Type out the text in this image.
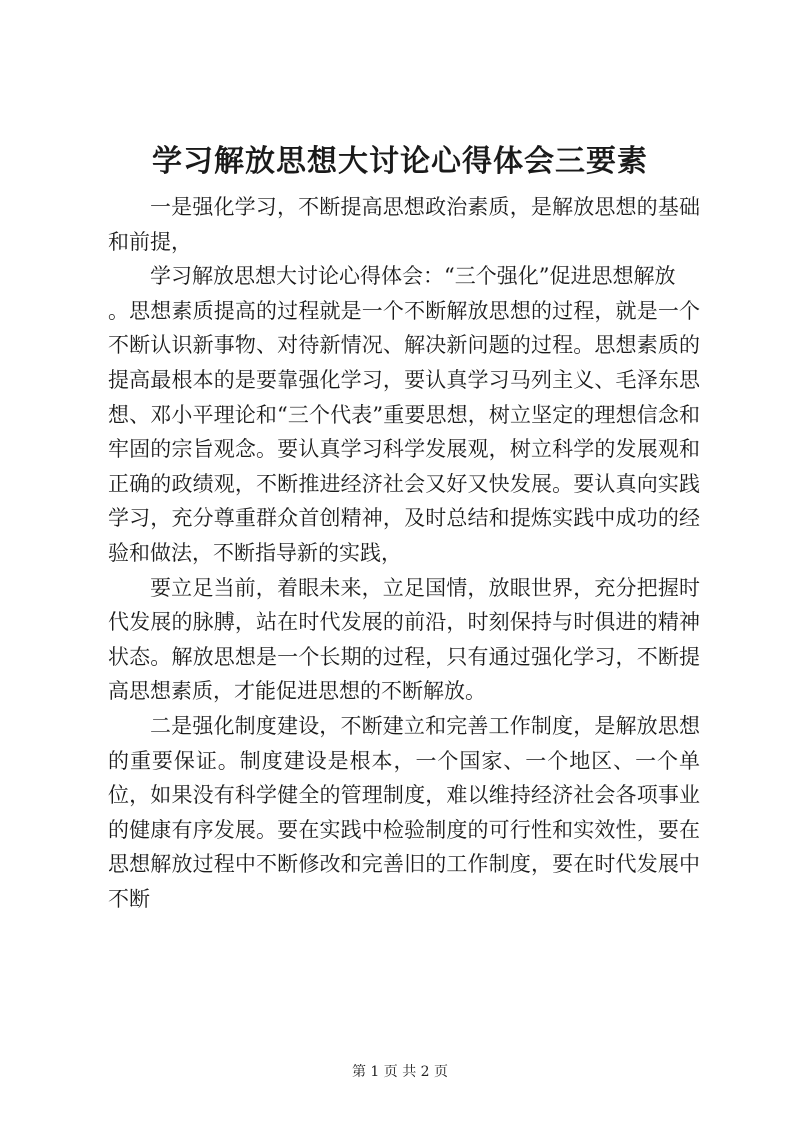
学习解放思想大讨论心得体会三要素

一是强化学习，不断提高思想政治素质，是解放思想的基础和前提，

学习解放思想大讨论心得体会：“三个强化”促进思想解放

。思想素质提高的过程就是一个不断解放思想的过程，就是一个不断认识新事物、对待新情况、解决新问题的过程。思想素质的提高最根本的是要靠强化学习，要认真学习马列主义、毛泽东思想、邓小平理论和“三个代表”重要思想，树立坚定的理想信念和牢固的宗旨观念。要认真学习科学发展观，树立科学的发展观和正确的政绩观，不断推进经济社会又好又快发展。要认真向实践学习，充分尊重群众首创精神，及时总结和提炼实践中成功的经验和做法，不断指导新的实践，

要立足当前，着眼未来，立足国情，放眼世界，充分把握时代发展的脉膊，站在时代发展的前沿，时刻保持与时俱进的精神状态。解放思想是一个长期的过程，只有通过强化学习，不断提高思想素质，才能促进思想的不断解放。

二是强化制度建设，不断建立和完善工作制度，是解放思想的重要保证。制度建设是根本，一个国家、一个地区、一个单位，如果没有科学健全的管理制度，难以维持经济社会各项事业的健康有序发展。要在实践中检验制度的可行性和实效性，要在思想解放过程中不断修改和完善旧的工作制度，要在时代发展中不断

第 1 页 共 2 页
